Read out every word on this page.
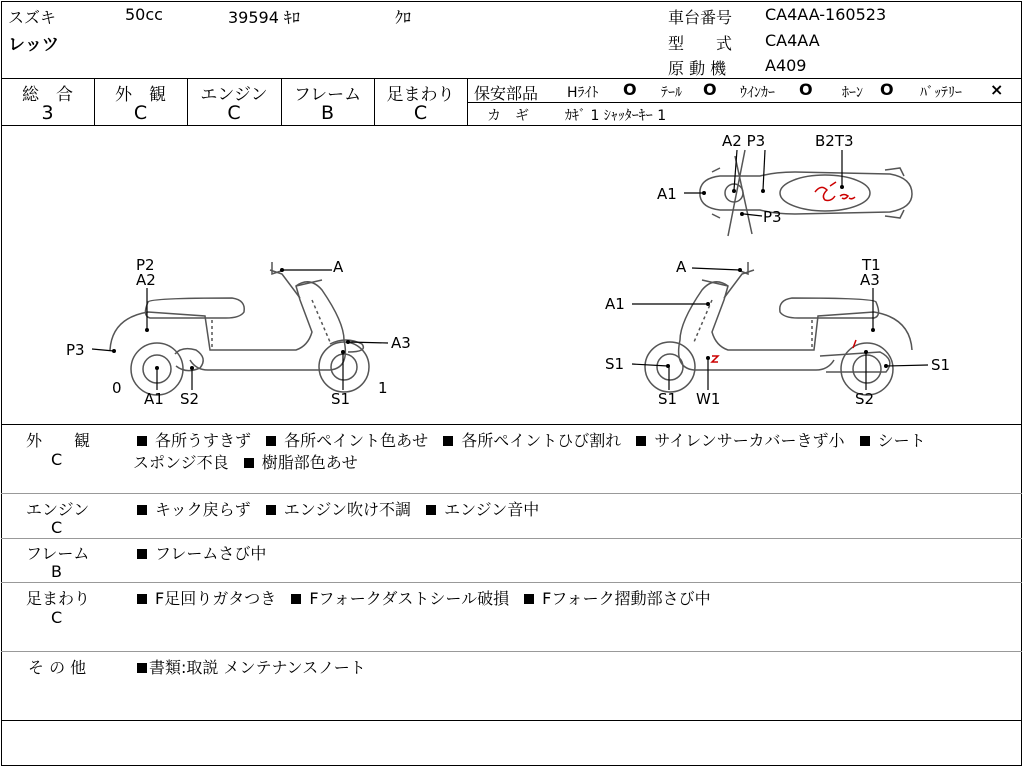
スズキ	50cc	39594 ｷﾛ	ｸﾛ
レッツ
車台番号 CA4AA-160523
型　　式 CA4AA
原 動 機 A409
総　合	外　観	エンジン	フレーム	足まわり
3	C	C	B	C
保安部品 Hﾗｲﾄ O ﾃｰﾙ O ｳｲﾝｶｰ O ﾎｰﾝ O ﾊﾞｯﾃﾘｰ ×
カ　ギ	ｶｷﾞ 1 ｼｬｯﾀｰｷｰ 1
A2 P3	B2T3
A1
P3
P2
A2
A
A3
P3
0
A1 S2	S1
1
A	T1
A3
A1
S1	S1
S1 W1	S2
外　　観
C
各所うすきず 各所ペイント色あせ 各所ペイントひび割れ サイレンサーカバーきず小 シート
スポンジ不良 樹脂部色あせ
エンジン
C
キック戻らず エンジン吹け不調 エンジン音中
フレーム
B
フレームさび中
足まわり
C
F足回りガタつき Fフォークダストシール破損 Fフォーク摺動部さび中
そ の 他	書類:取説 メンテナンスノート
